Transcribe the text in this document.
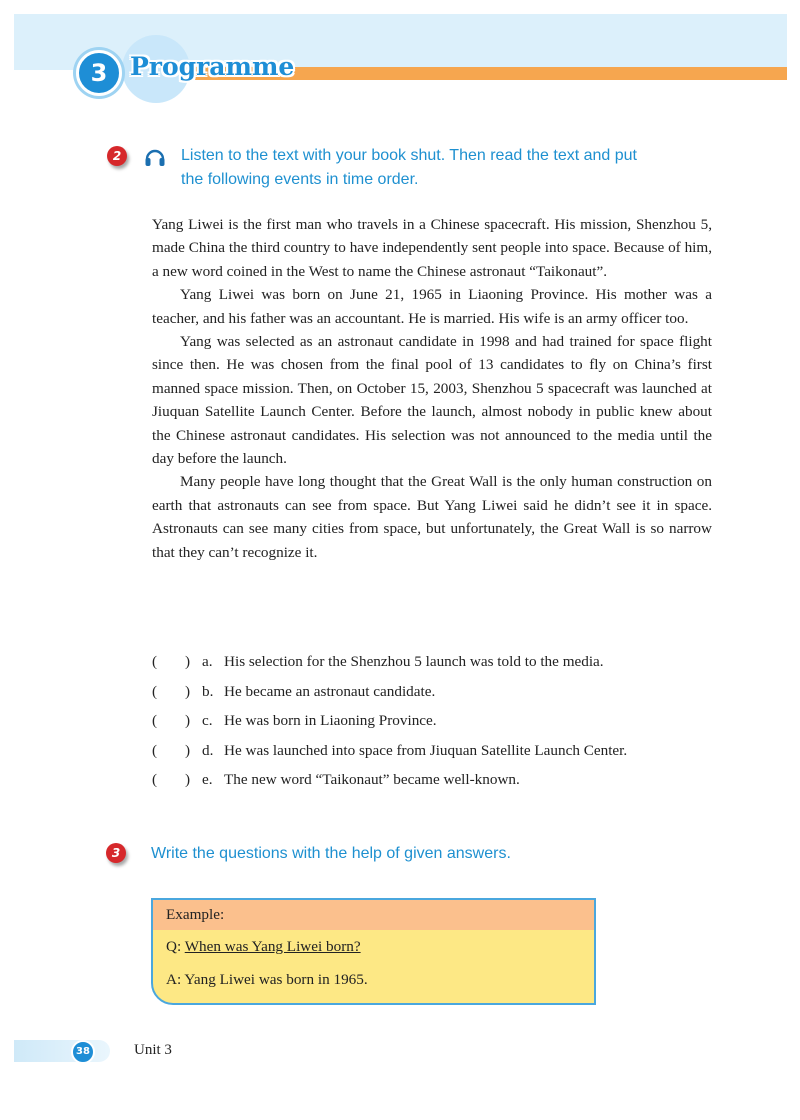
3 Programme
2	Listen to the text with your book shut. Then read the text and put
the following events in time order.

Yang Liwei is the first man who travels in a Chinese spacecraft. His mission, Shenzhou 5, made China the third country to have independently sent people into space. Because of him, a new word coined in the West to name the Chinese astronaut “Taikonaut”.

Yang Liwei was born on June 21, 1965 in Liaoning Province. His mother was a teacher, and his father was an accountant. He is married. His wife is an army officer too.

Yang was selected as an astronaut candidate in 1998 and had trained for space flight since then. He was chosen from the final pool of 13 candidates to fly on China’s first manned space mission. Then, on October 15, 2003, Shenzhou 5 spacecraft was launched at Jiuquan Satellite Launch Center. Before the launch, almost nobody in public knew about the Chinese astronaut candidates. His selection was not announced to the media until the day before the launch.

Many people have long thought that the Great Wall is the only human construction on earth that astronauts can see from space. But Yang Liwei said he didn’t see it in space. Astronauts can see many cities from space, but unfortunately, the Great Wall is so narrow that they can’t recognize it.

( ) a. His selection for the Shenzhou 5 launch was told to the media.
( ) b. He became an astronaut candidate.
( ) c. He was born in Liaoning Province.
( ) d. He was launched into space from Jiuquan Satellite Launch Center.
( ) e. The new word “Taikonaut” became well-known.
3	Write the questions with the help of given answers.
Example:
Q: When was Yang Liwei born?
A: Yang Liwei was born in 1965.
38	Unit 3
